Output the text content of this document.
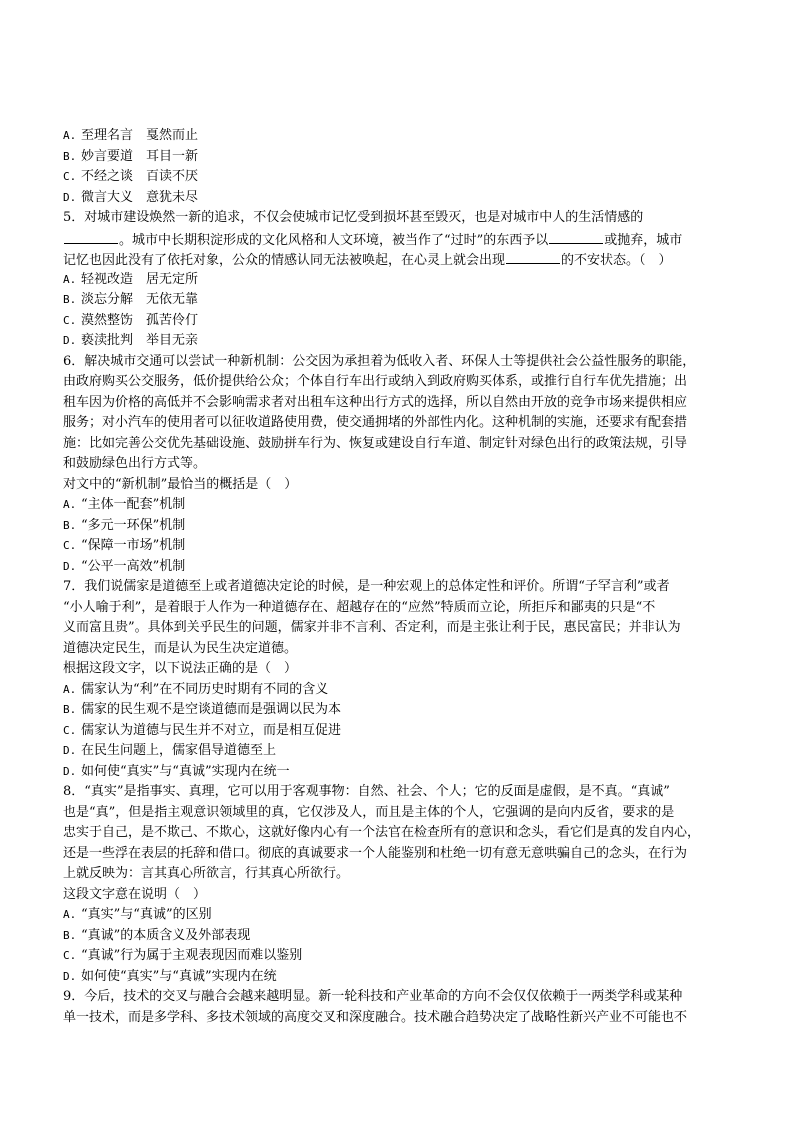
A. 至理名言　戛然而止
B. 妙言要道　耳目一新
C. 不经之谈　百读不厌
D. 微言大义　意犹未尽
5．对城市建设焕然一新的追求，不仅会使城市记忆受到损坏甚至毁灭，也是对城市中人的生活情感的
。城市中长期积淀形成的文化风格和人文环境，被当作了“过时”的东西予以	或抛弃，城市
记忆也因此没有了依托对象，公众的情感认同无法被唤起，在心灵上就会出现	的不安状态。（　）
A. 轻视改造　居无定所
B. 淡忘分解　无依无靠
C. 漠然整饬　孤苦伶仃
D. 亵渎批判　举目无亲
6．解决城市交通可以尝试一种新机制：公交因为承担着为低收入者、环保人士等提供社会公益性服务的职能，
由政府购买公交服务，低价提供给公众；个体自行车出行或纳入到政府购买体系，或推行自行车优先措施；出
租车因为价格的高低并不会影响需求者对出租车这种出行方式的选择，所以自然由开放的竞争市场来提供相应
服务；对小汽车的使用者可以征收道路使用费，使交通拥堵的外部性内化。这种机制的实施，还要求有配套措
施：比如完善公交优先基础设施、鼓励拼车行为、恢复或建设自行车道、制定针对绿色出行的政策法规，引导
和鼓励绿色出行方式等。
对文中的“新机制”最恰当的概括是（　）
A. “主体一配套”机制
B. “多元一环保”机制
C. “保障一市场”机制
D. “公平一高效”机制
7．我们说儒家是道德至上或者道德决定论的时候，是一种宏观上的总体定性和评价。所谓“子罕言利”或者
“小人喻于利”，是着眼于人作为一种道德存在、超越存在的“应然”特质而立论，所拒斥和鄙夷的只是“不
义而富且贵”。具体到关乎民生的问题，儒家并非不言利、否定利，而是主张让利于民，惠民富民；并非认为
道德决定民生，而是认为民生决定道德。
根据这段文字，以下说法正确的是（　）
A. 儒家认为“利”在不同历史时期有不同的含义
B. 儒家的民生观不是空谈道德而是强调以民为本
C. 儒家认为道德与民生并不对立，而是相互促进
D. 在民生问题上，儒家倡导道德至上
D. 如何使“真实”与“真诚”实现内在统一
8．“真实”是指事实、真理，它可以用于客观事物：自然、社会、个人；它的反面是虚假，是不真。“真诚”
也是“真”，但是指主观意识领域里的真，它仅涉及人，而且是主体的个人，它强调的是向内反省，要求的是
忠实于自己，是不欺己、不欺心，这就好像内心有一个法官在检查所有的意识和念头，看它们是真的发自内心，
还是一些浮在表层的托辞和借口。彻底的真诚要求一个人能鉴别和杜绝一切有意无意哄骗自己的念头，在行为
上就反映为：言其真心所欲言，行其真心所欲行。
这段文字意在说明（　）
A. “真实”与“真诚”的区别
B. “真诚”的本质含义及外部表现
C. “真诚”行为属于主观表现因而难以鉴别
D. 如何使“真实”与“真诚”实现内在统
9．今后，技术的交叉与融合会越来越明显。新一轮科技和产业革命的方向不会仅仅依赖于一两类学科或某种
单一技术，而是多学科、多技术领域的高度交叉和深度融合。技术融合趋势决定了战略性新兴产业不可能也不
